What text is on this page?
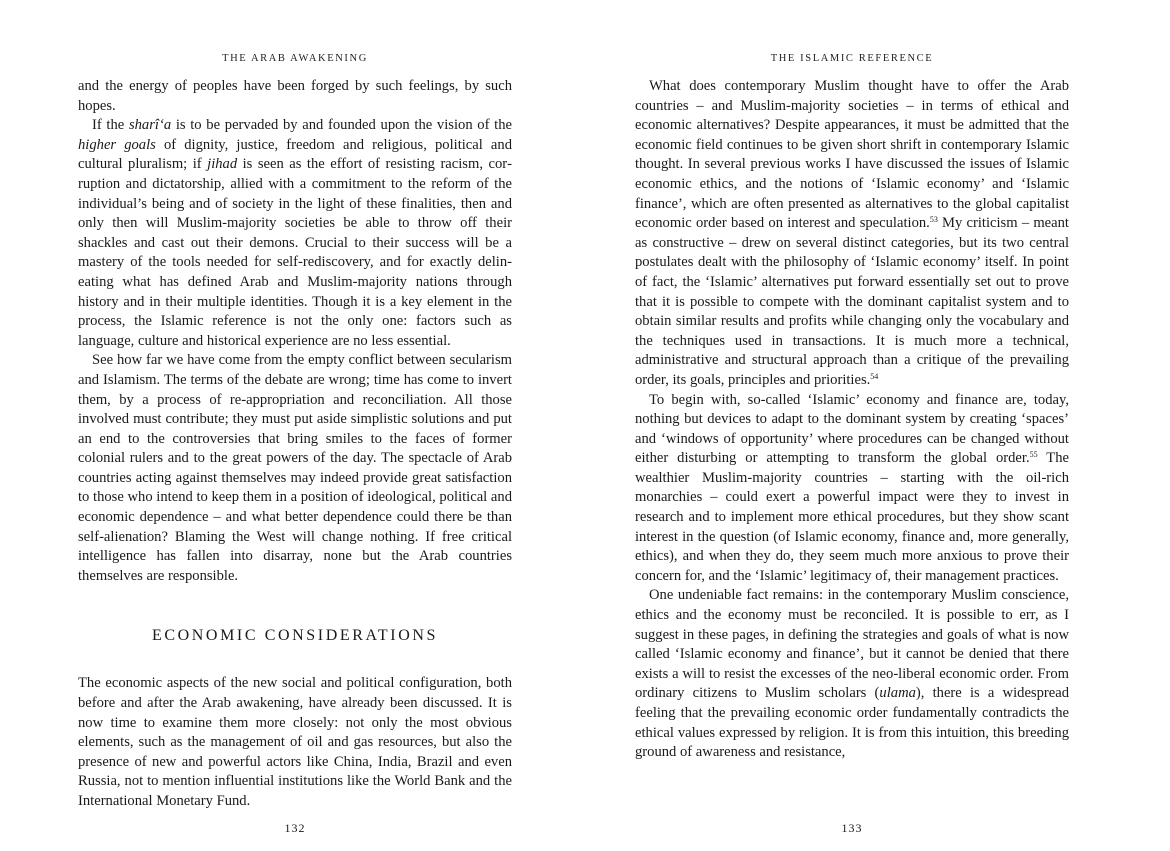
THE ARAB AWAKENING

and the energy of peoples have been forged by such feelings, by such hopes.

If the sharî‘a is to be pervaded by and founded upon the vision of the higher goals of dignity, justice, freedom and religious, political and cultural pluralism; if jihad is seen as the effort of resisting racism, corruption and dictatorship, allied with a commitment to the reform of the individual’s being and of society in the light of these finalities, then and only then will Muslim-majority societies be able to throw off their shackles and cast out their demons. Crucial to their success will be a mastery of the tools needed for self-rediscovery, and for exactly delineating what has defined Arab and Muslim-majority nations through history and in their multiple identities. Though it is a key element in the process, the Islamic reference is not the only one: factors such as language, culture and historical experience are no less essential.

See how far we have come from the empty conflict between secularism and Islamism. The terms of the debate are wrong; time has come to invert them, by a process of re-appropriation and reconciliation. All those involved must contribute; they must put aside simplistic solutions and put an end to the controversies that bring smiles to the faces of former colonial rulers and to the great powers of the day. The spectacle of Arab countries acting against themselves may indeed provide great satisfaction to those who intend to keep them in a position of ideological, political and economic dependence – and what better dependence could there be than self-alienation? Blaming the West will change nothing. If free critical intelligence has fallen into disarray, none but the Arab countries themselves are responsible.

ECONOMIC CONSIDERATIONS

The economic aspects of the new social and political configuration, both before and after the Arab awakening, have already been discussed. It is now time to examine them more closely: not only the most obvious elements, such as the management of oil and gas resources, but also the presence of new and powerful actors like China, India, Brazil and even Russia, not to mention influential institutions like the World Bank and the International Monetary Fund.

132
THE ISLAMIC REFERENCE

What does contemporary Muslim thought have to offer the Arab countries – and Muslim-majority societies – in terms of ethical and economic alternatives? Despite appearances, it must be admitted that the economic field continues to be given short shrift in contemporary Islamic thought. In several previous works I have discussed the issues of Islamic economic ethics, and the notions of ‘Islamic economy’ and ‘Islamic finance’, which are often presented as alternatives to the global capitalist economic order based on interest and speculation.$^{53}$ My criticism – meant as constructive – drew on several distinct categories, but its two central postulates dealt with the philosophy of ‘Islamic economy’ itself. In point of fact, the ‘Islamic’ alternatives put forward essentially set out to prove that it is possible to compete with the dominant capitalist system and to obtain similar results and profits while changing only the vocabulary and the techniques used in transactions. It is much more a technical, administrative and structural approach than a critique of the prevailing order, its goals, principles and priorities.$^{54}$

To begin with, so-called ‘Islamic’ economy and finance are, today, nothing but devices to adapt to the dominant system by creating ‘spaces’ and ‘windows of opportunity’ where procedures can be changed without either disturbing or attempting to transform the global order.$^{55}$ The wealthier Muslim-majority countries – starting with the oil-rich monarchies – could exert a powerful impact were they to invest in research and to implement more ethical procedures, but they show scant interest in the question (of Islamic economy, finance and, more generally, ethics), and when they do, they seem much more anxious to prove their concern for, and the ‘Islamic’ legitimacy of, their management practices.

One undeniable fact remains: in the contemporary Muslim conscience, ethics and the economy must be reconciled. It is possible to err, as I suggest in these pages, in defining the strategies and goals of what is now called ‘Islamic economy and finance’, but it cannot be denied that there exists a will to resist the excesses of the neo-liberal economic order. From ordinary citizens to Muslim scholars (ulama), there is a widespread feeling that the prevailing economic order fundamentally contradicts the ethical values expressed by religion. It is from this intuition, this breeding ground of awareness and resistance,

133
